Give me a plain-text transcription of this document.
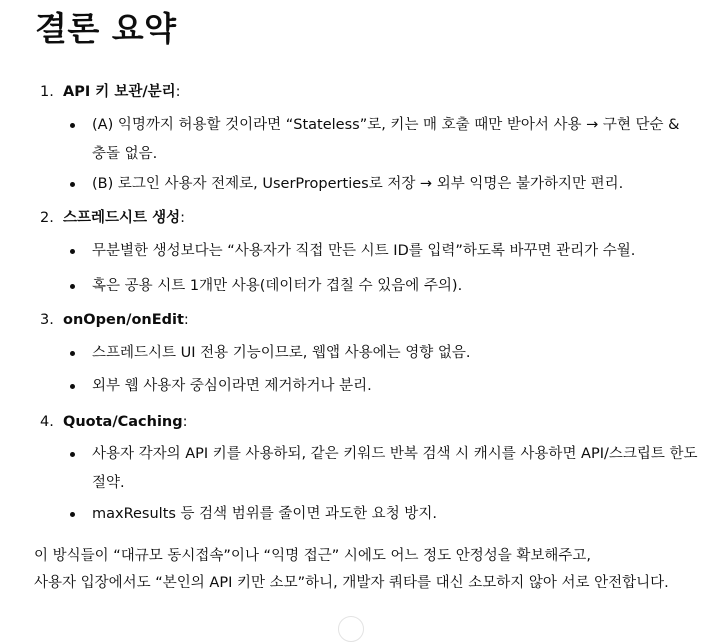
결론 요약
1. API 키 보관/분리:
(A) 익명까지 허용할 것이라면 “Stateless”로, 키는 매 호출 때만 받아서 사용 → 구현 단순 & 충돌 없음.
(B) 로그인 사용자 전제로, UserProperties로 저장 → 외부 익명은 불가하지만 편리.
2. 스프레드시트 생성:
무분별한 생성보다는 “사용자가 직접 만든 시트 ID를 입력”하도록 바꾸면 관리가 수월.
혹은 공용 시트 1개만 사용(데이터가 겹칠 수 있음에 주의).
3. onOpen/onEdit:
스프레드시트 UI 전용 기능이므로, 웹앱 사용에는 영향 없음.
외부 웹 사용자 중심이라면 제거하거나 분리.
4. Quota/Caching:
사용자 각자의 API 키를 사용하되, 같은 키워드 반복 검색 시 캐시를 사용하면 API/스크립트 한도 절약.
maxResults 등 검색 범위를 줄이면 과도한 요청 방지.

이 방식들이 “대규모 동시접속”이나 “익명 접근” 시에도 어느 정도 안정성을 확보해주고,

사용자 입장에서도 “본인의 API 키만 소모”하니, 개발자 쿼타를 대신 소모하지 않아 서로 안전합니다.
